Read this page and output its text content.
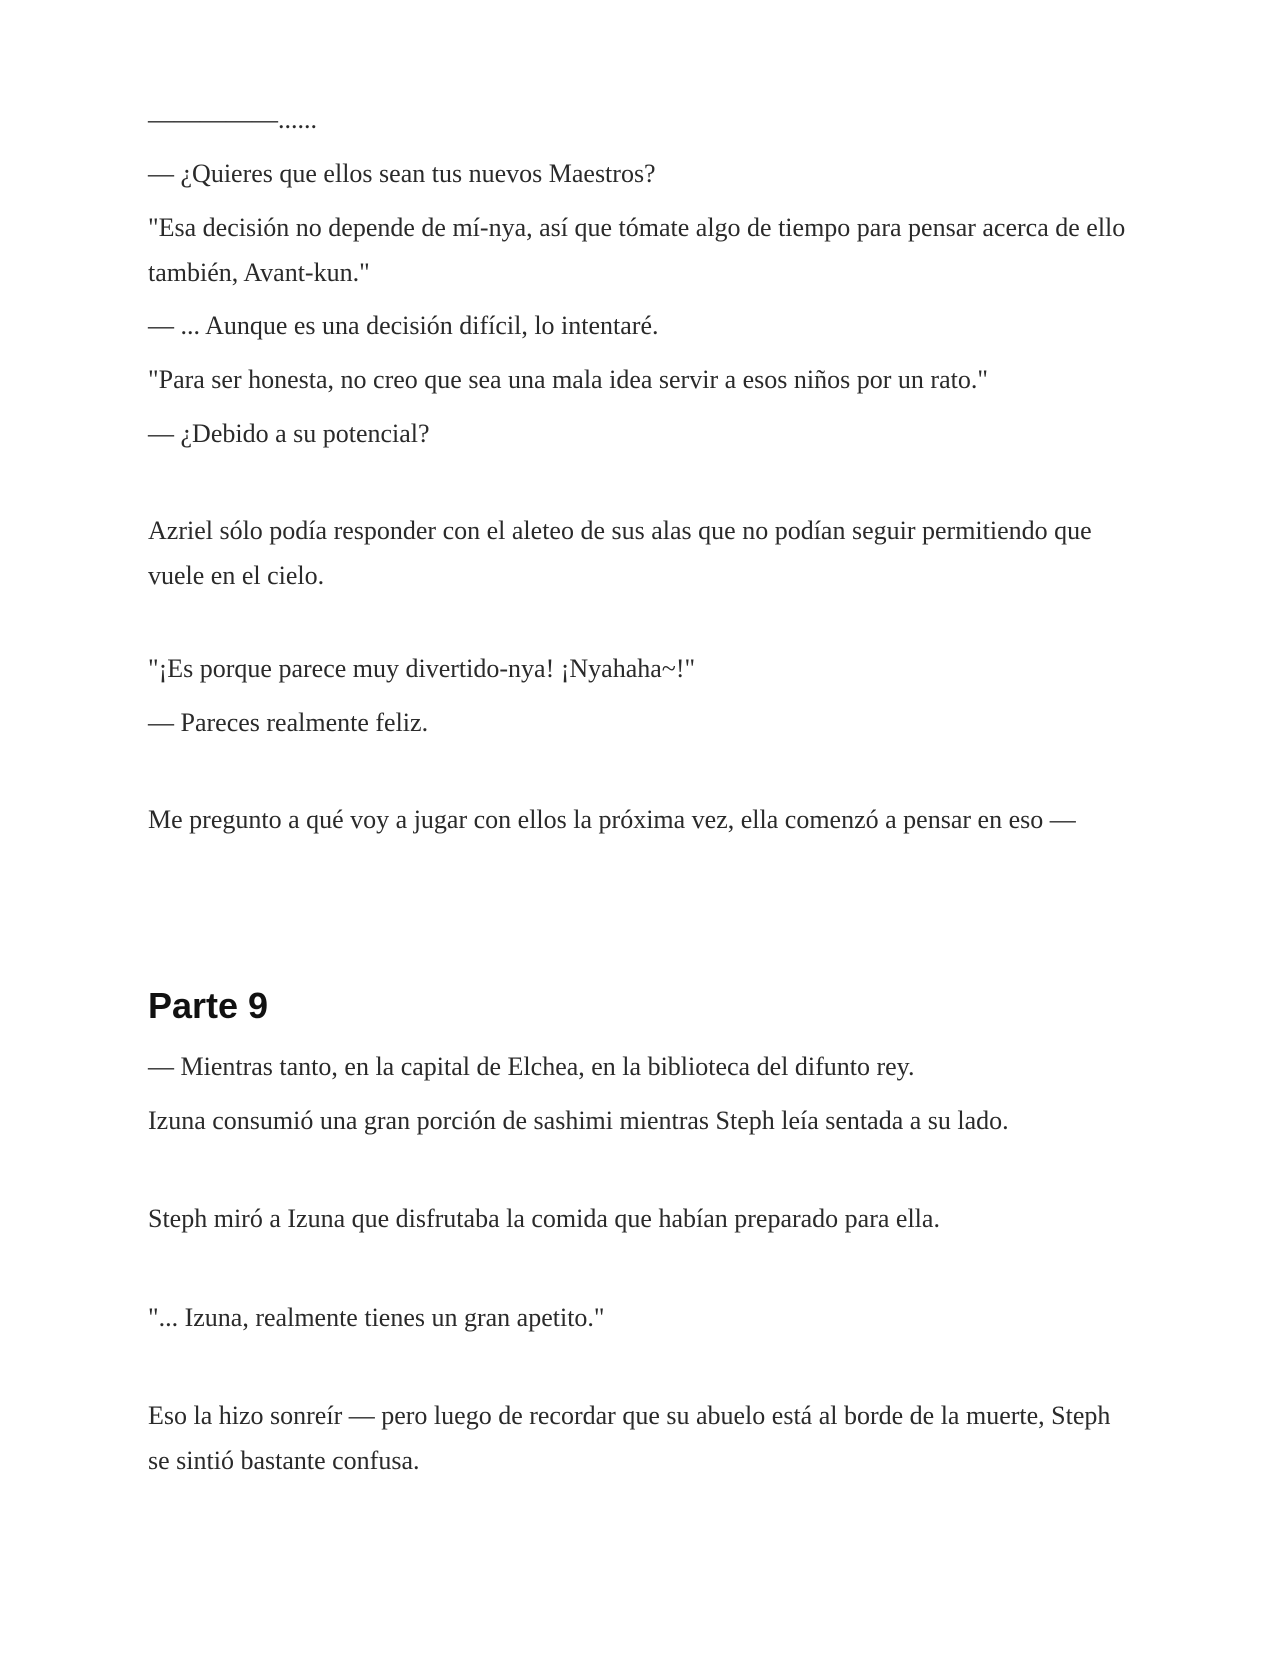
—————......

— ¿Quieres que ellos sean tus nuevos Maestros?

"Esa decisión no depende de mí-nya, así que tómate algo de tiempo para pensar acerca de ello también, Avant-kun."

— ... Aunque es una decisión difícil, lo intentaré.

"Para ser honesta, no creo que sea una mala idea servir a esos niños por un rato."

— ¿Debido a su potencial?

Azriel sólo podía responder con el aleteo de sus alas que no podían seguir permitiendo que vuele en el cielo.

"¡Es porque parece muy divertido-nya! ¡Nyahaha~!"

— Pareces realmente feliz.

Me pregunto a qué voy a jugar con ellos la próxima vez, ella comenzó a pensar en eso —

Parte 9

— Mientras tanto, en la capital de Elchea, en la biblioteca del difunto rey.

Izuna consumió una gran porción de sashimi mientras Steph leía sentada a su lado.

Steph miró a Izuna que disfrutaba la comida que habían preparado para ella.

"... Izuna, realmente tienes un gran apetito."

Eso la hizo sonreír — pero luego de recordar que su abuelo está al borde de la muerte, Steph se sintió bastante confusa.
